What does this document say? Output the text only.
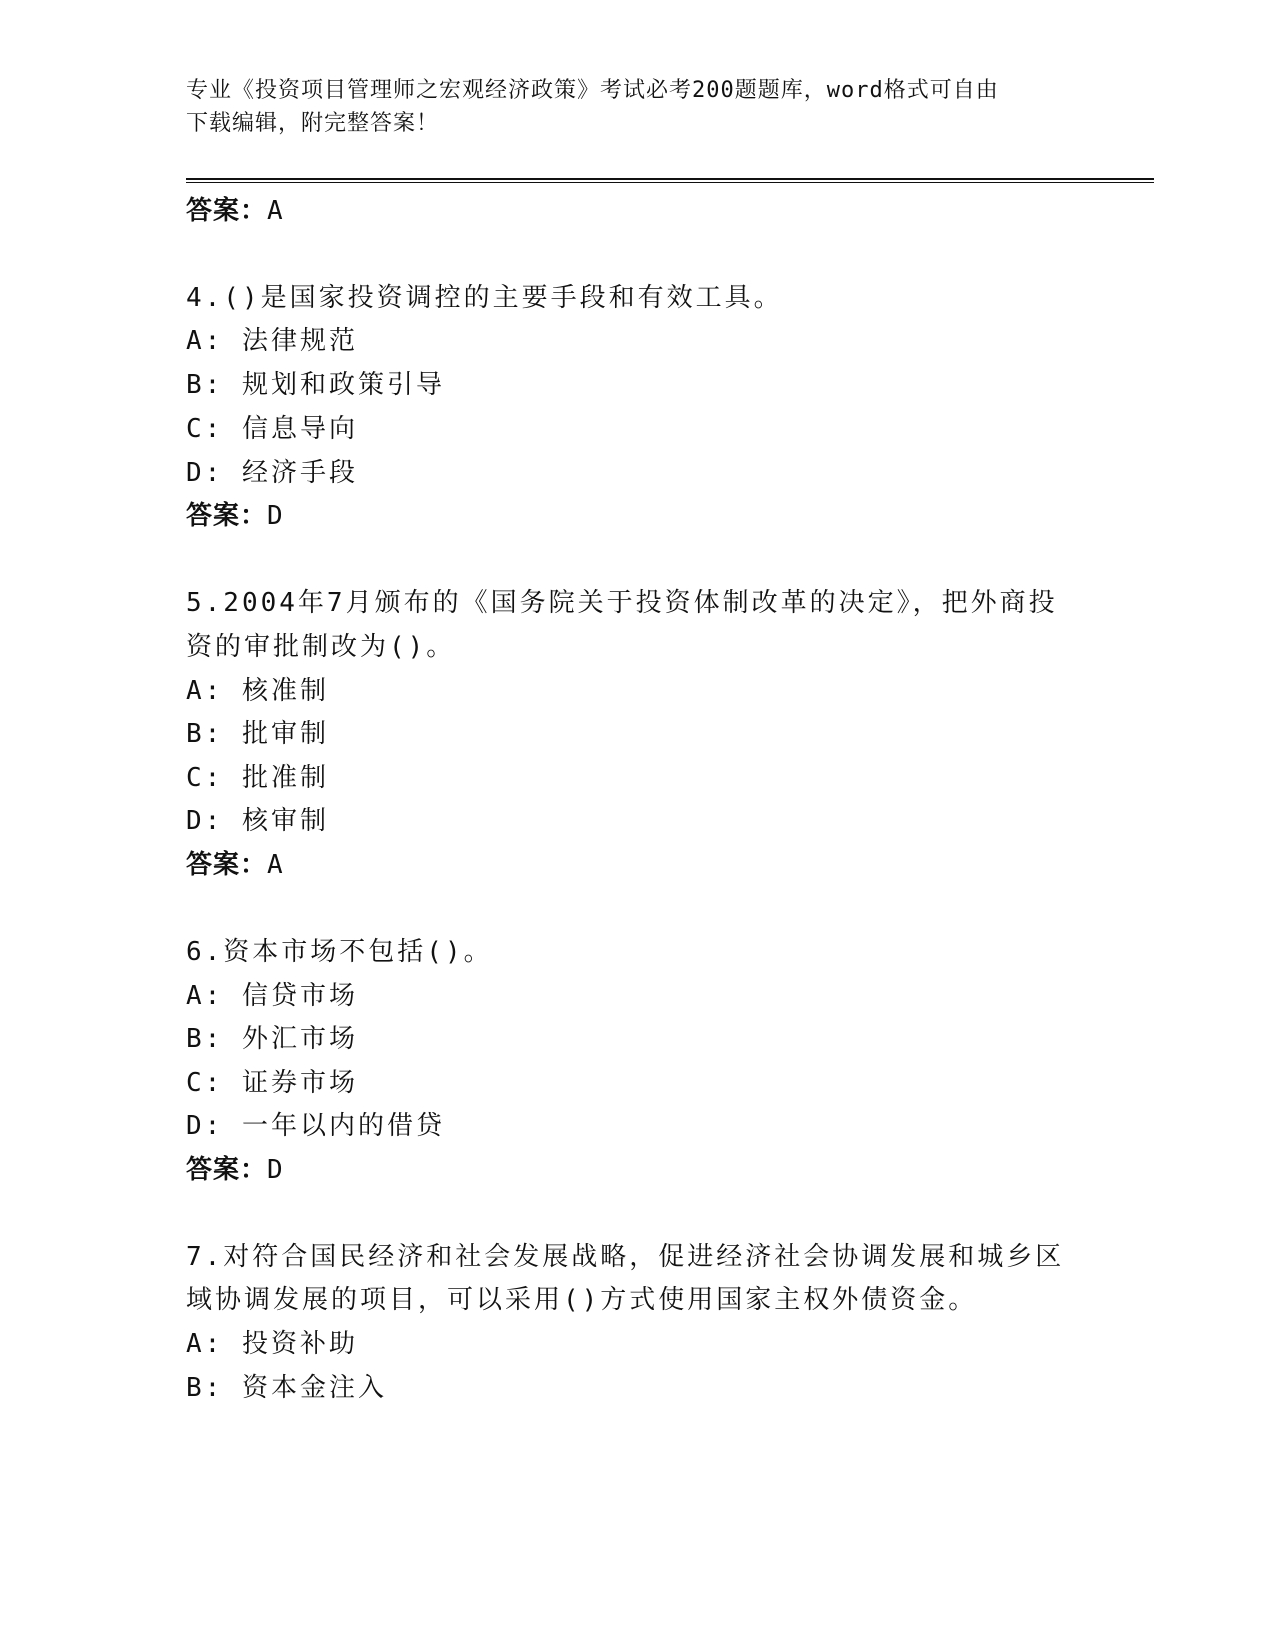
专业《投资项目管理师之宏观经济政策》考试必考200题题库，word格式可自由
下载编辑，附完整答案！
答案：A
4.()是国家投资调控的主要手段和有效工具。
A: 法律规范
B: 规划和政策引导
C: 信息导向
D: 经济手段
答案：D
5.2004年7月颁布的《国务院关于投资体制改革的决定》，把外商投
资的审批制改为()。
A: 核准制
B: 批审制
C: 批准制
D: 核审制
答案：A
6.资本市场不包括()。
A: 信贷市场
B: 外汇市场
C: 证券市场
D: 一年以内的借贷
答案：D
7.对符合国民经济和社会发展战略，促进经济社会协调发展和城乡区
域协调发展的项目，可以采用()方式使用国家主权外债资金。
A: 投资补助
B: 资本金注入
